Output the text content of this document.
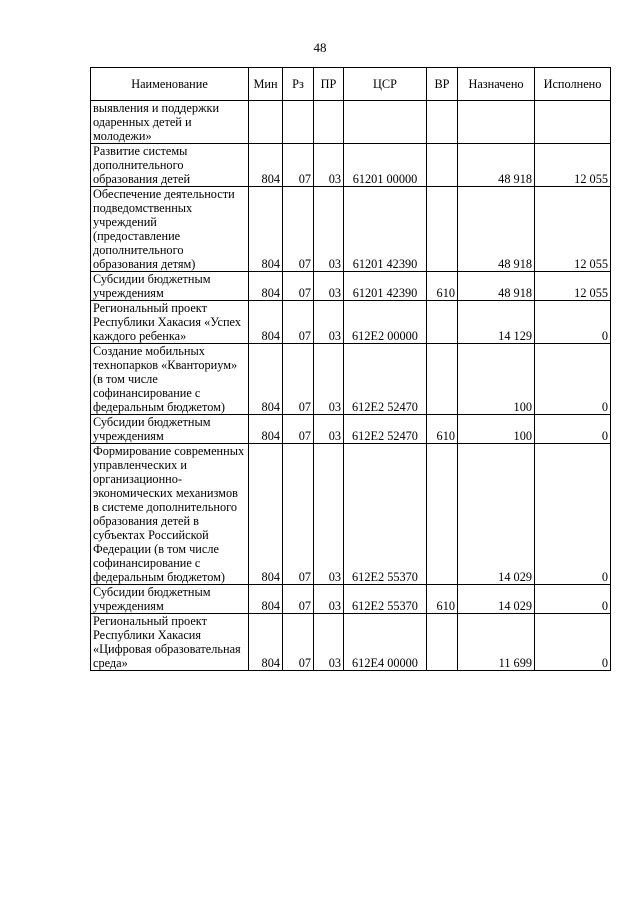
48
Наименование	Мин	Рз	ПР	ЦСР	ВР	Назначено	Исполнено
выявления и поддержки одаренных детей и молодежи»							
Развитие системы дополнительного образования детей	804	07	03	61201 00000		48 918	12 055
Обеспечение деятельности подведомственных учреждений (предоставление дополнительного образования детям)	804	07	03	61201 42390		48 918	12 055
Субсидии бюджетным учреждениям	804	07	03	61201 42390	610	48 918	12 055
Региональный проект Республики Хакасия «Успех каждого ребенка»	804	07	03	612E2 00000		14 129	0
Создание мобильных технопарков «Кванториум» (в том числе софинансирование с федеральным бюджетом)	804	07	03	612E2 52470		100	0
Субсидии бюджетным учреждениям	804	07	03	612E2 52470	610	100	0
Формирование современных управленческих и организационно-экономических механизмов в системе дополнительного образования детей в субъектах Российской Федерации (в том числе софинансирование с федеральным бюджетом)	804	07	03	612E2 55370		14 029	0
Субсидии бюджетным учреждениям	804	07	03	612E2 55370	610	14 029	0
Региональный проект Республики Хакасия «Цифровая образовательная среда»	804	07	03	612E4 00000		11 699	0
